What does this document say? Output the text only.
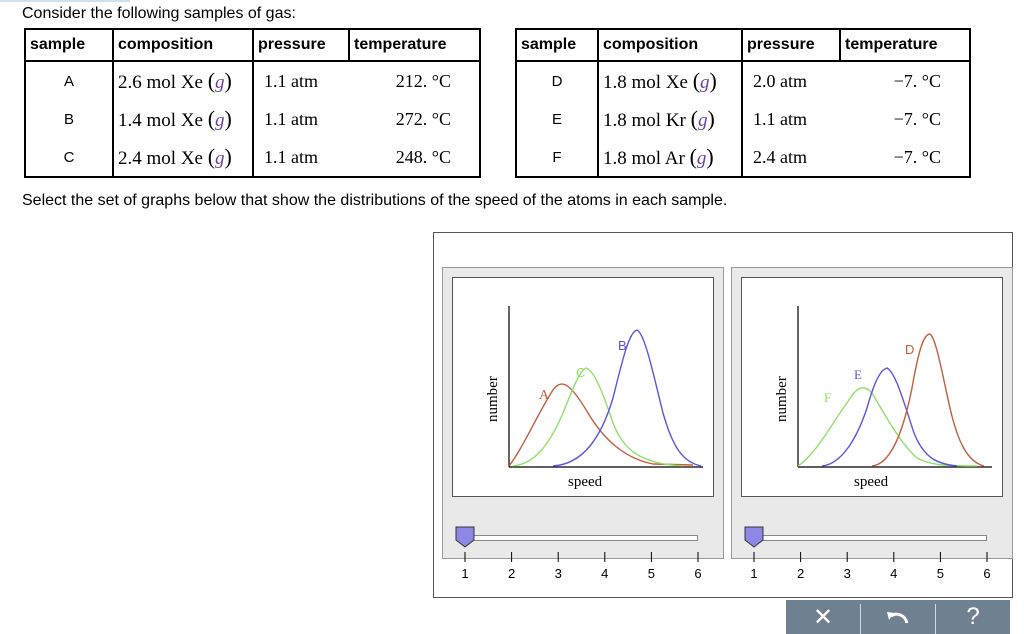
Consider the following samples of gas:
sample	composition	pressure	temperature
A	2.6 mol Xe (g)	1.1 atm	212. °C
B	1.4 mol Xe (g)	1.1 atm	272. °C
C	2.4 mol Xe (g)	1.1 atm	248. °C
sample	composition	pressure	temperature
D	1.8 mol Xe (g)	2.0 atm	−7. °C
E	1.8 mol Kr (g)	1.1 atm	−7. °C
F	1.8 mol Ar (g)	2.4 atm	−7. °C
Select the set of graphs below that show the distributions of the speed of the atoms in each sample.
number
speed
A
C
B
1	2	3	4	5	6
number
speed
F
E
D
1	2	3	4	5	6
✕	?
